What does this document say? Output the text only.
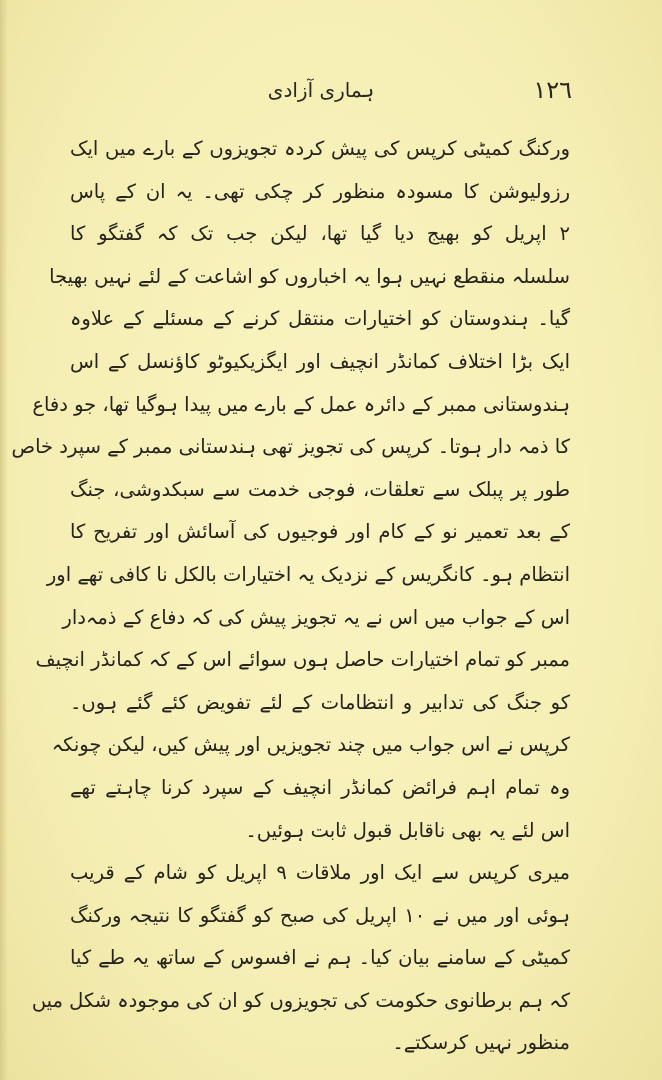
١٢٦
ہماری آزادی
ورکنگ کمیٹی کرپس کی پیش کردہ تجویزوں کے بارے میں ایک
رزولیوشن کا مسودہ منظور کر چکی تھی۔ یہ ان کے پاس
۲ اپریل کو بھیج دیا گیا تھا، لیکن جب تک کہ گفتگو کا
سلسلہ منقطع نہیں ہوا یہ اخباروں کو اشاعت کے لئے نہیں بھیجا
گیا۔ ہندوستان کو اختیارات منتقل کرنے کے مسئلے کے علاوہ
ایک بڑا اختلاف کمانڈر انچیف اور ایگزیکیوٹو کاؤنسل کے اس
ہندوستانی ممبر کے دائرہ عمل کے بارے میں پیدا ہوگیا تھا، جو دفاع
کا ذمہ دار ہوتا۔ کرپس کی تجویز تھی ہندستانی ممبر کے سپرد خاص
طور پر پبلک سے تعلقات، فوجی خدمت سے سبکدوشی، جنگ
کے بعد تعمیر نو کے کام اور فوجیوں کی آسائش اور تفریح کا
انتظام ہو۔ کانگریس کے نزدیک یہ اختیارات بالکل نا کافی تھے اور
اس کے جواب میں اس نے یہ تجویز پیش کی کہ دفاع کے ذمہ‌دار
ممبر کو تمام اختیارات حاصل ہوں سوائے اس کے کہ کمانڈر انچیف
کو جنگ کی تدابیر و انتظامات کے لئے تفویض کئے گئے ہوں۔
کرپس نے اس جواب میں چند تجویزیں اور پیش کیں، لیکن چونکہ
وہ تمام اہم فرائض کمانڈر انچیف کے سپرد کرنا چاہتے تھے
اس لئے یہ بھی ناقابل قبول ثابت ہوئیں۔
میری کرپس سے ایک اور ملاقات ۹ اپریل کو شام کے قریب
ہوئی اور میں نے ۱۰ اپریل کی صبح کو گفتگو کا نتیجہ ورکنگ
کمیٹی کے سامنے بیان کیا۔ ہم نے افسوس کے ساتھ یہ طے کیا
کہ ہم برطانوی حکومت کی تجویزوں کو ان کی موجودہ شکل میں
منظور نہیں کرسکتے۔
